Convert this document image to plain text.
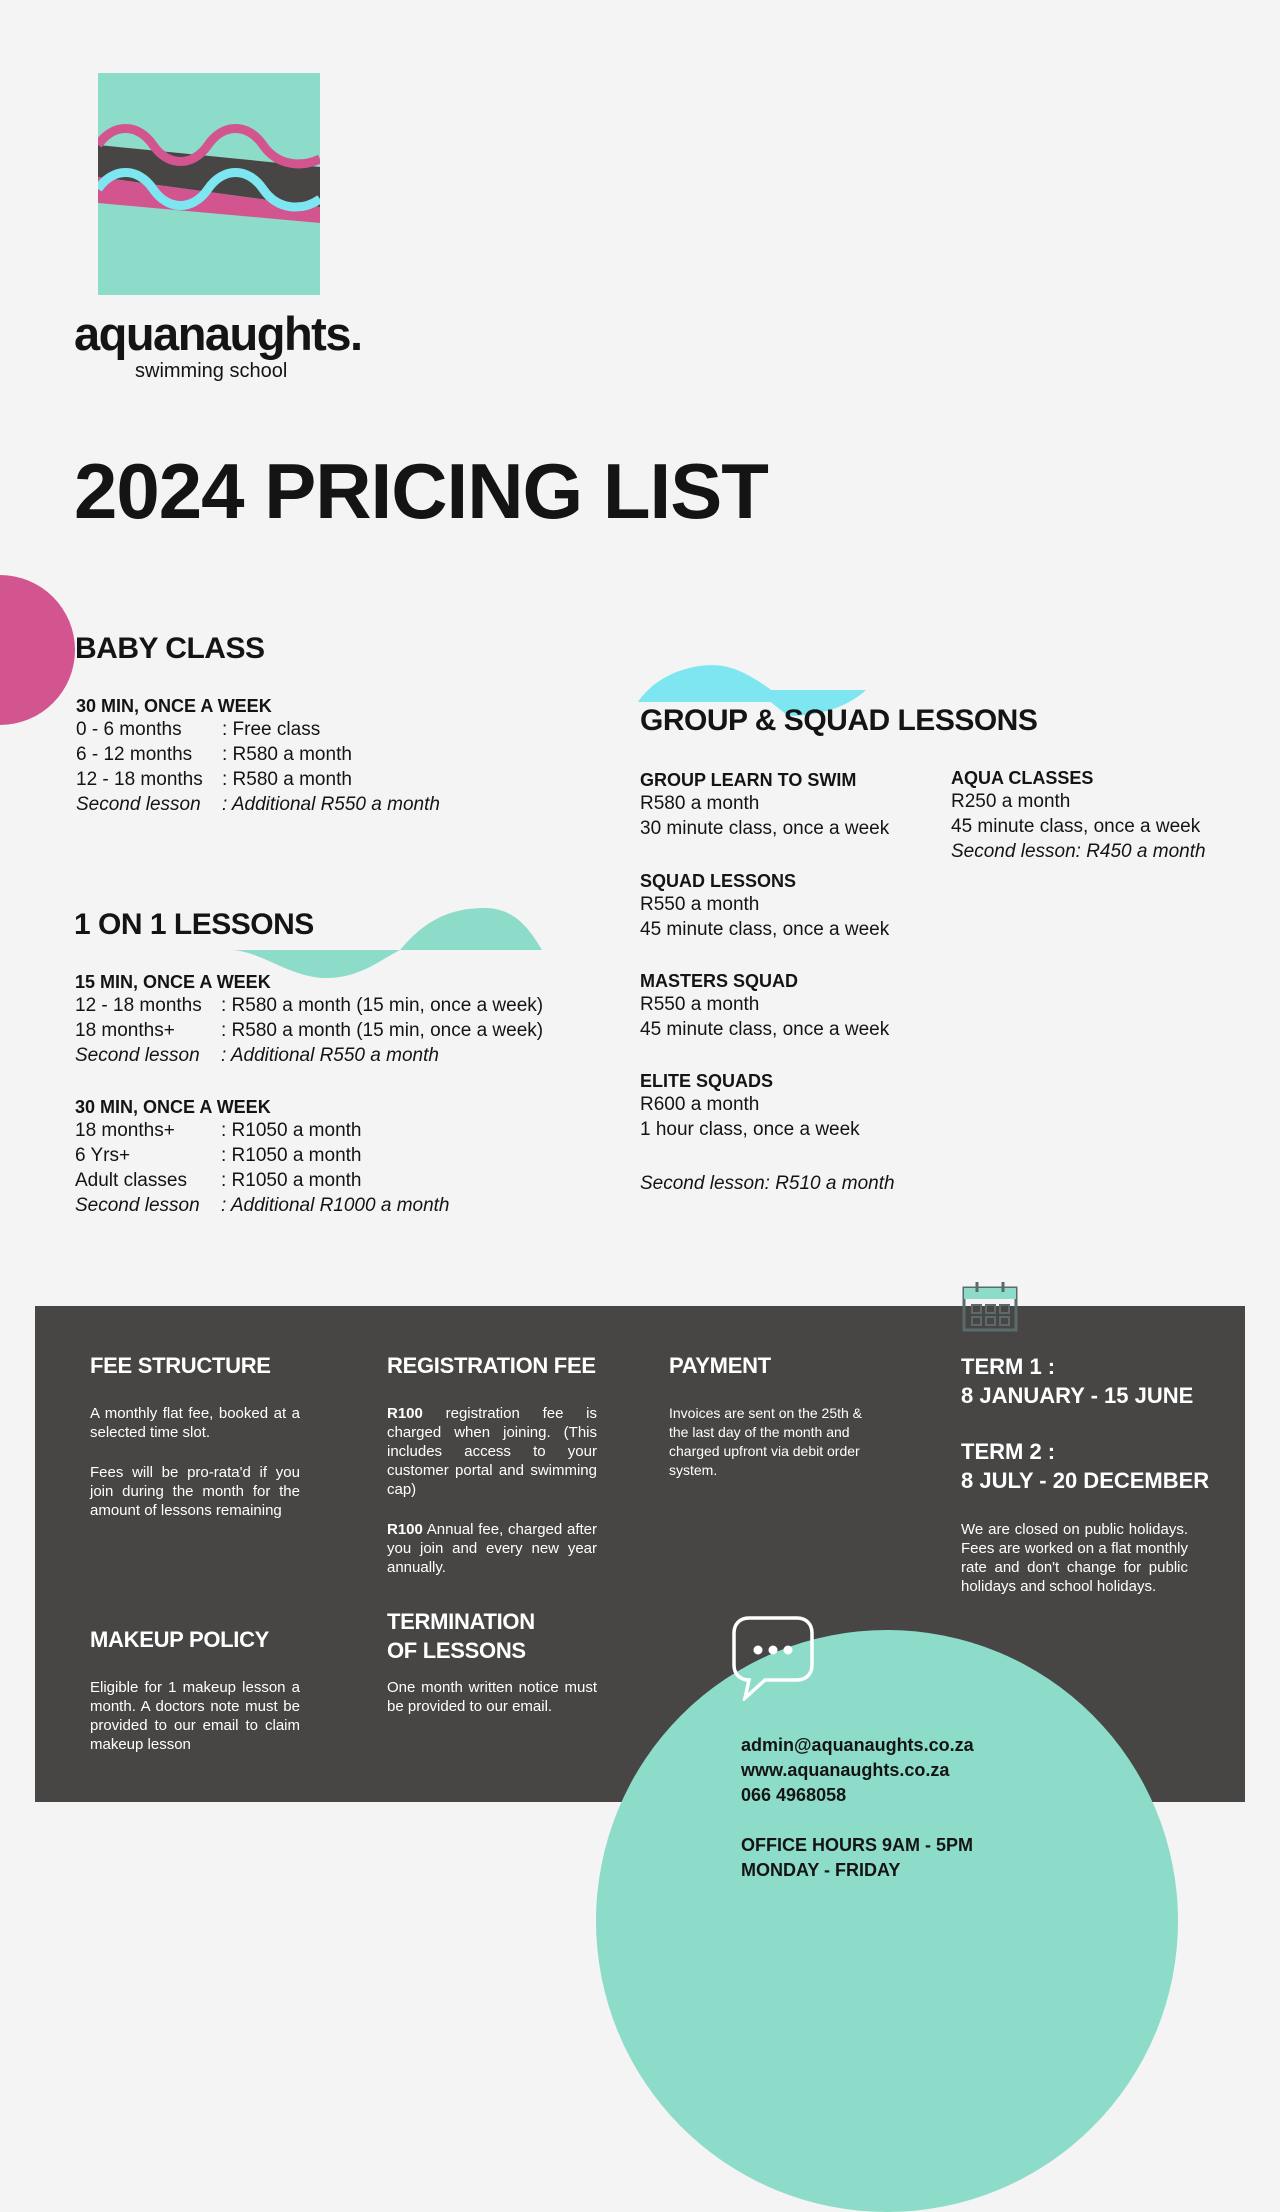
aquanaughts.
swimming school
2024 PRICING LIST
BABY CLASS
30 MIN, ONCE A WEEK
0 - 6 months : Free class
6 - 12 months : R580 a month
12 - 18 months : R580 a month
Second lesson : Additional R550 a month
1 ON 1 LESSONS
15 MIN, ONCE A WEEK
12 - 18 months : R580 a month (15 min, once a week)
18 months+ : R580 a month (15 min, once a week)
Second lesson : Additional R550 a month
30 MIN, ONCE A WEEK
18 months+ : R1050 a month
6 Yrs+	: R1050 a month
Adult classes : R1050 a month
Second lesson : Additional R1000 a month
GROUP & SQUAD LESSONS
GROUP LEARN TO SWIM
R580 a month
30 minute class, once a week
SQUAD LESSONS
R550 a month
45 minute class, once a week
MASTERS SQUAD
R550 a month
45 minute class, once a week
ELITE SQUADS
R600 a month
1 hour class, once a week
Second lesson: R510 a month
AQUA CLASSES
R250 a month
45 minute class, once a week
Second lesson: R450 a month
FEE STRUCTURE
A monthly flat fee, booked at a selected time slot.
Fees will be pro-rata'd if you join during the month for the amount of lessons remaining
MAKEUP POLICY
Eligible for 1 makeup lesson a month. A doctors note must be provided to our email to claim makeup lesson
REGISTRATION FEE
R100 registration fee is charged when joining. (This includes access to your customer portal and swimming cap)
R100 Annual fee, charged after you join and every new year annually.
TERMINATION
OF LESSONS
One month written notice must be provided to our email.
PAYMENT
Invoices are sent on the 25th & the last day of the month and charged upfront via debit order system.
TERM 1 :
8 JANUARY - 15 JUNE
TERM 2 :
8 JULY - 20 DECEMBER
We are closed on public holidays. Fees are worked on a flat monthly rate and don't change for public holidays and school holidays.
admin@aquanaughts.co.za
www.aquanaughts.co.za
066 4968058
OFFICE HOURS 9AM - 5PM
MONDAY - FRIDAY
